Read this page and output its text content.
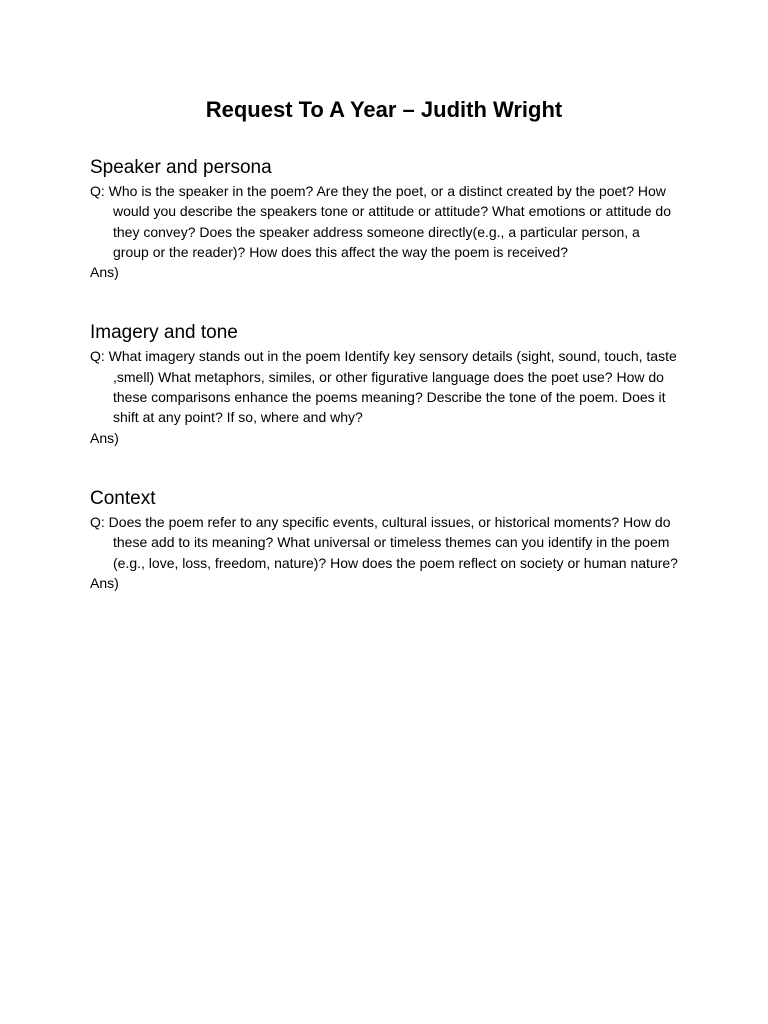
Request To A Year – Judith Wright
Speaker and persona

Q: Who is the speaker in the poem? Are they the poet, or a distinct created by the poet? How would you describe the speakers tone or attitude or attitude? What emotions or attitude do they convey? Does the speaker address someone directly(e.g., a particular person, a group or the reader)? How does this affect the way the poem is received?

Ans)

Imagery and tone

Q: What imagery stands out in the poem Identify key sensory details (sight, sound, touch, taste ,smell) What metaphors, similes, or other figurative language does the poet use? How do these comparisons enhance the poems meaning? Describe the tone of the poem. Does it shift at any point? If so, where and why?

Ans)

Context

Q: Does the poem refer to any specific events, cultural issues, or historical moments? How do these add to its meaning? What universal or timeless themes can you identify in the poem (e.g., love, loss, freedom, nature)? How does the poem reflect on society or human nature?

Ans)
